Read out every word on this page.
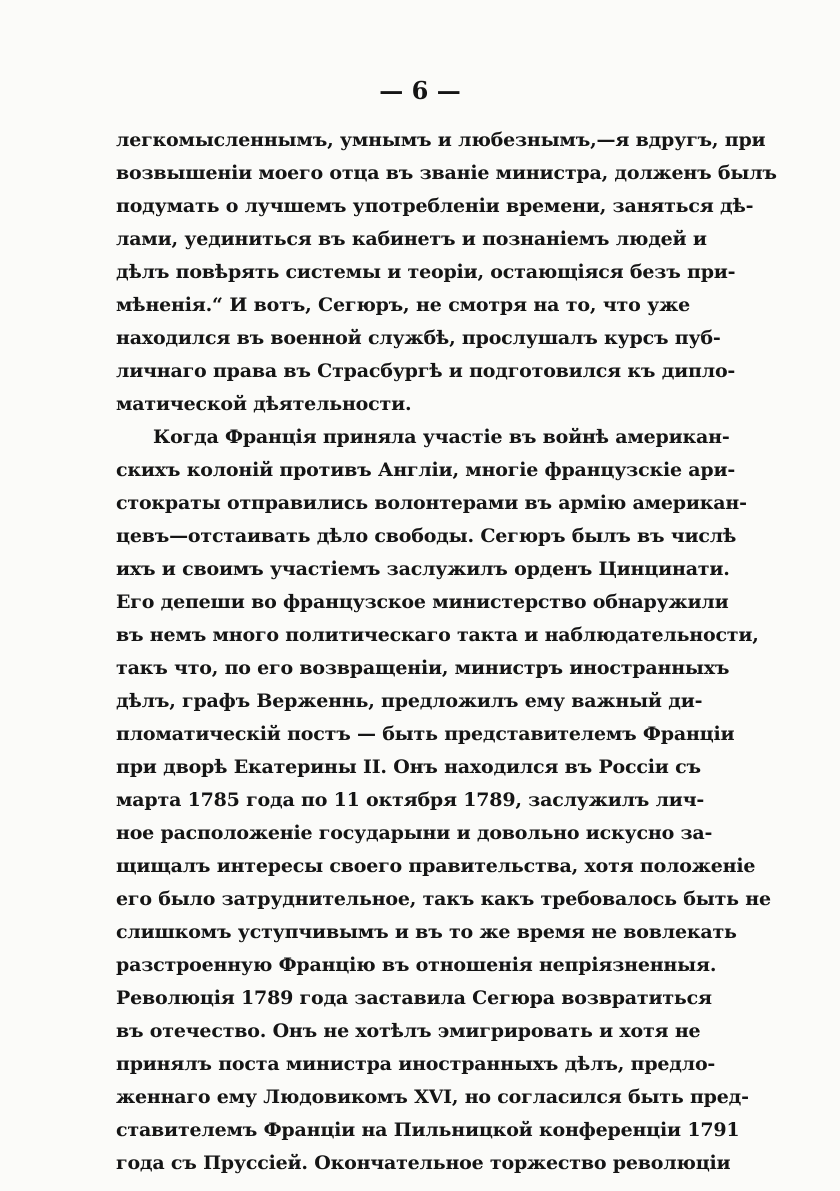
— 6 —
легкомысленнымъ, умнымъ и любезнымъ,—я вдругъ, при
возвышеніи моего отца въ званіе министра, долженъ былъ
подумать о лучшемъ употребленіи времени, заняться дѣ-
лами, уединиться въ кабинетъ и познаніемъ людей и
дѣлъ повѣрять системы и теоріи, остающіяся безъ при-
мѣненія.“ И вотъ, Сегюръ, не смотря на то, что уже
находился въ военной службѣ, прослушалъ курсъ пуб-
личнаго права въ Страсбургѣ и подготовился къ дипло-
матической дѣятельности.
Когда Франція приняла участіе въ войнѣ американ-
скихъ колоній противъ Англіи, многіе французскіе ари-
стократы отправились волонтерами въ армію американ-
цевъ—отстаивать дѣло свободы. Сегюръ былъ въ числѣ
ихъ и своимъ участіемъ заслужилъ орденъ Цинцинати.
Его депеши во французское министерство обнаружили
въ немъ много политическаго такта и наблюдательности,
такъ что, по его возвращеніи, министръ иностранныхъ
дѣлъ, графъ Верженнь, предложилъ ему важный ди-
пломатическій постъ — быть представителемъ Франціи
при дворѣ Екатерины II. Онъ находился въ Россіи съ
марта 1785 года по 11 октября 1789, заслужилъ лич-
ное расположеніе государыни и довольно искусно за-
щищалъ интересы своего правительства, хотя положеніе
его было затруднительное, такъ какъ требовалось быть не
слишкомъ уступчивымъ и въ то же время не вовлекать
разстроенную Францію въ отношенія непріязненныя.
Революція 1789 года заставила Сегюра возвратиться
въ отечество. Онъ не хотѣлъ эмигрировать и хотя не
принялъ поста министра иностранныхъ дѣлъ, предло-
женнаго ему Людовикомъ XVI, но согласился быть пред-
ставителемъ Франціи на Пильницкой конференціи 1791
года съ Пруссіей. Окончательное торжество революціи
